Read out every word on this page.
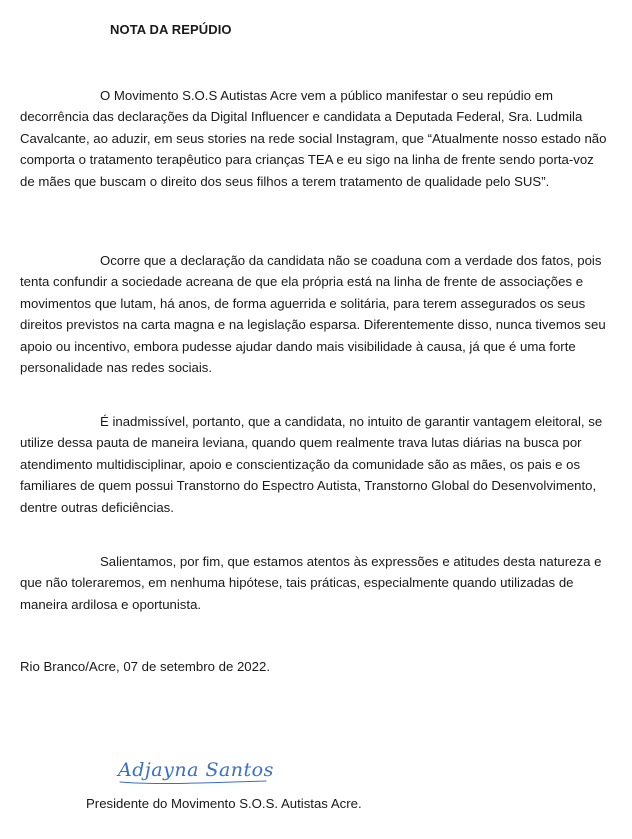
NOTA DA REPÚDIO

O Movimento S.O.S Autistas Acre vem a público manifestar o seu repúdio em decorrência das declarações da Digital Influencer e candidata a Deputada Federal, Sra. Ludmila Cavalcante, ao aduzir, em seus stories na rede social Instagram, que “Atualmente nosso estado não comporta o tratamento terapêutico para crianças TEA e eu sigo na linha de frente sendo porta-voz de mães que buscam o direito dos seus filhos a terem tratamento de qualidade pelo SUS”.

Ocorre que a declaração da candidata não se coaduna com a verdade dos fatos, pois tenta confundir a sociedade acreana de que ela própria está na linha de frente de associações e movimentos que lutam, há anos, de forma aguerrida e solitária, para terem assegurados os seus direitos previstos na carta magna e na legislação esparsa. Diferentemente disso, nunca tivemos seu apoio ou incentivo, embora pudesse ajudar dando mais visibilidade à causa, já que é uma forte personalidade nas redes sociais.

É inadmissível, portanto, que a candidata, no intuito de garantir vantagem eleitoral, se utilize dessa pauta de maneira leviana, quando quem realmente trava lutas diárias na busca por atendimento multidisciplinar, apoio e conscientização da comunidade são as mães, os pais e os familiares de quem possui Transtorno do Espectro Autista, Transtorno Global do Desenvolvimento, dentre outras deficiências.

Salientamos, por fim, que estamos atentos às expressões e atitudes desta natureza e que não toleraremos, em nenhuma hipótese, tais práticas, especialmente quando utilizadas de maneira ardilosa e oportunista.

Rio Branco/Acre, 07 de setembro de 2022.

Adjayna Santos

Presidente do Movimento S.O.S. Autistas Acre.
